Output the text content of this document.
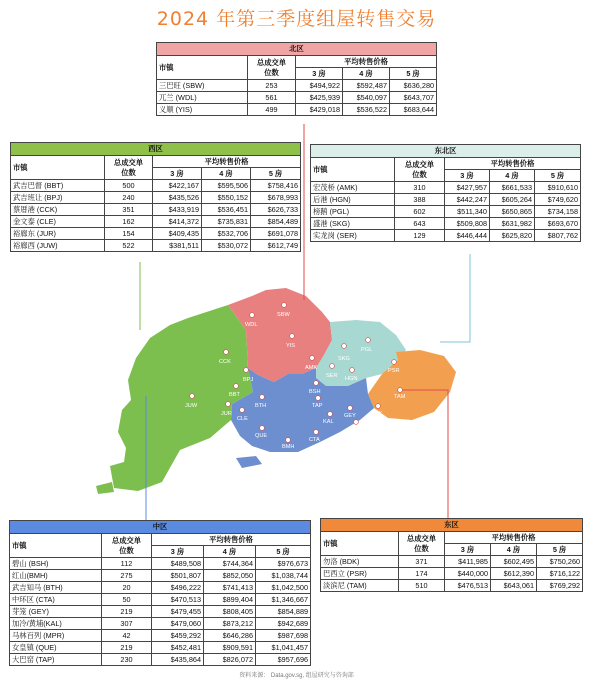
2024 年第三季度组屋转售交易
SBW
WDL
YIS
CCK
BPJ
JUW
JUR
CLE
BBT
SKG
PGL
AMK
SER HGN
BTH
BSH
TAP
GEY
KAL
MPR
QUE
BMH
CTA
PSR
TAM
BDK
北区				
市镇	总成交单
位数	平均转售价格		
		3 房	4 房	5 房
三巴旺 (SBW)	253	$494,922	$592,487	$636,280
兀兰 (WDL)	561	$425,939	$540,097	$643,707
义顺 (YIS)	499	$429,018	$536,522	$683,644
西区				
市镇	总成交单
位数	平均转售价格		
		3 房	4 房	5 房
武吉巴督 (BBT)	500	$422,167	$595,506	$758,416
武吉班让 (BPJ)	240	$435,526	$550,152	$678,993
蔡厝港 (CCK)	351	$433,919	$536,451	$626,733
金文泰 (CLE)	162	$414,372	$735,831	$854,489
裕廊东 (JUR)	154	$409,435	$532,706	$691,078
裕廊西 (JUW)	522	$381,511	$530,072	$612,749
东北区				
市镇	总成交单
位数	平均转售价格		
		3 房	4 房	5 房
宏茂桥 (AMK)	310	$427,957	$661,533	$910,610
后港 (HGN)	388	$442,247	$605,264	$749,620
榜鹅 (PGL)	602	$511,340	$650,865	$734,158
盛港 (SKG)	643	$509,808	$631,982	$693,670
实龙岗 (SER)	129	$446,444	$625,820	$807,762
中区				
市镇	总成交单
位数	平均转售价格		
		3 房	4 房	5 房
碧山 (BSH)	112	$489,508	$744,364	$976,673
红山(BMH)	275	$501,807	$852,050	$1,038,744
武吉知马 (BTH)	20	$496,222	$741,413	$1,042,500
中环区 (CTA)	50	$470,513	$899,404	$1,346,667
芽笼 (GEY)	219	$479,455	$808,405	$854,889
加冷/黄埔(KAL)	307	$479,060	$873,212	$942,689
马林百列 (MPR)	42	$459,292	$646,286	$987,698
女皇镇 (QUE)	219	$452,481	$909,591	$1,041,457
大巴窑 (TAP)	230	$435,864	$826,072	$957,696
东区				
市镇	总成交单
位数	平均转售价格		
		3 房	4 房	5 房
勿洛 (BDK)	371	$411,985	$602,495	$750,260
巴西立 (PSR)	174	$440,000	$612,390	$716,122
淡滨尼 (TAM)	510	$476,513	$643,061	$769,292
资料来源： Data.gov.sg, 组屋研究与咨询部
